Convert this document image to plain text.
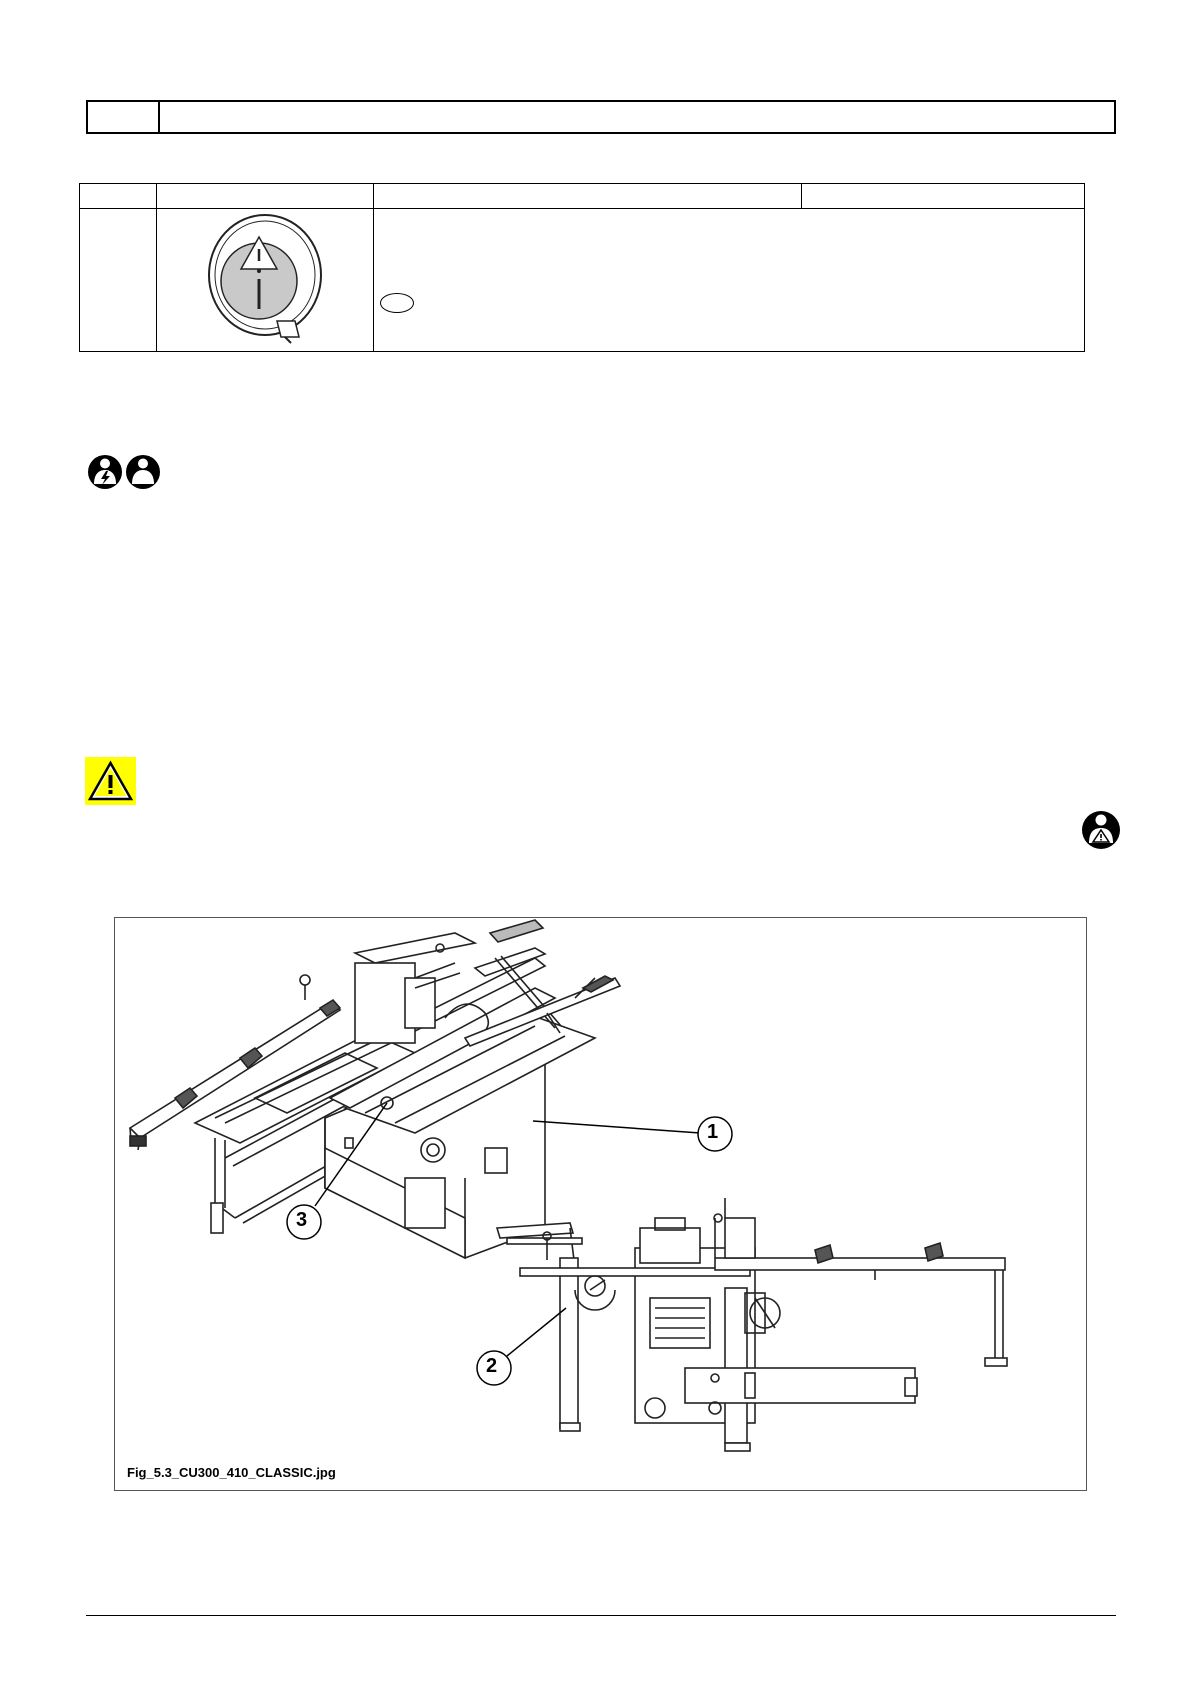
1
2
3
Fig_5.3_CU300_410_CLASSIC.jpg
